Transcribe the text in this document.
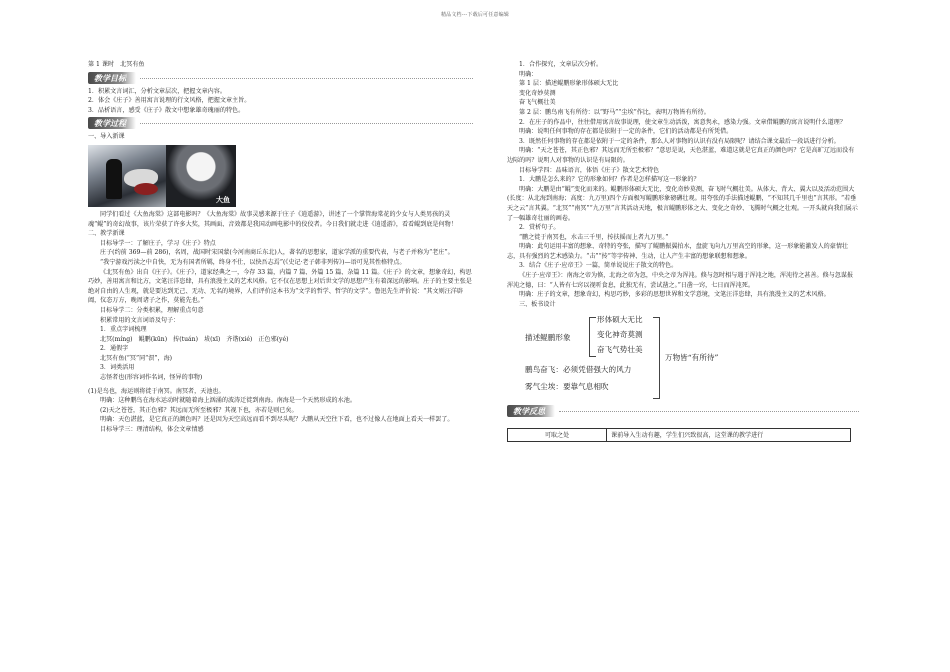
精品文档---下载后可任意编辑

第 1 课时　北冥有鱼

教学目标

1．积累文言词汇，分析文章层次，把握文章内容。

2．体会《庄子》善用寓言说理的行文风格，把握文章主旨。

3．品析语言，感受《庄子》散文中想象雄奇瑰丽的特色。

教学过程

一、导入新课

大鱼

同学们看过《大鱼海棠》这部电影吗？《大鱼海棠》故事灵感来源于庄子《逍遥游》，讲述了一个掌管海棠花的少女与人类男孩的灵魂“鲲”的奇幻故事，该片荣获了许多大奖，其画面、音效都是我国动画电影中的佼佼者。今日我们就走进《逍遥游》，看看鲲到底是何物！

二、教学新课

目标导学一：了解庄子，学习《庄子》特点

庄子(约前 369—前 286)，名周，战国时宋国蒙(今河南商丘东北)人，著名的思想家，道家学派的重要代表，与老子并称为“老庄”。

“我宁游戏污渎之中自快，无为有国者所羁，终身不仕，以快吾志焉”(《史记·老子韩非列传》)—语可见其性格特点。

《北冥有鱼》出自《庄子》。《庄子》，道家经典之一，今存 33 篇，内篇 7 篇、外篇 15 篇、杂篇 11 篇。《庄子》的文章，想象奇幻，构思巧妙，善用寓言和比方，文笔汪洋恣肆，具有浪漫主义的艺术风格。它不仅在思想上对后世文学的思想产生有着深远的影响。庄子的主要主张是绝对自由的人生观，就是要达到无己、无功、无名的境界，人们评价这本书为“文学的哲学、哲学的文学”。鲁迅先生评价说：“其文则汪洋辟阖，仪态万方，晚周诸子之作，莫能先也。”

目标导学二：分类积累，理解重点句意

积累常用的文言词语及句子：

1．重点字词梳理

北冥(míng)　鲲鹏(kūn)　抟(tuán)　坺(xī)　齐谐(xié)　正色邪(yé)

2．通假字

北冥有鱼(“冥”同“溟”，海)

3．词类活用

志怪者也(形容词作名词，怪异的事物)

(1)是鸟也，海运则将徙于南冥。南冥者，天池也。

明确：这种鹏鸟在海水运动时就随着海上汹涌的波涛迁徙到南海。南海是一个天然形成的水池。

(2)天之苍苍，其正色邪？其远而无所至极邪？其视下也，亦若是则已矣。

明确：天色湛蓝，是它真正的颜色吗？还是因为天空高远而看不到尽头呢？大鹏从天空往下看，也不过像人在地面上看天一样罢了。

目标导学三：理清结构，体会文章情感

1．合作探究，文章层次分析。

明确：

第 1 层：描述鲲鹏形象形体硕大无比

变化奇妙莫测

奋飞气概壮美

第 2 层：鹏鸟南飞有所待：以“野马”“尘埃”作比，表明万物皆有所待。

2．在庄子的作品中，往往借用寓言故事说理，使文章生动活泼，寓意隽永，感染力强。文章借鲲鹏的寓言说明什么道理？

明确：说明任何事物的存在都是依附于一定的条件，它们的活动都是有所凭借。

3．既然任何事物的存在都是依附于一定的条件，那么人对事物的认识有没有局限呢？请结合课文最后一段话进行分析。

明确：“天之苍苍，其正色邪？其远而无所至极邪？”意思是说，天色湛蓝，难道这就是它真正的颜色吗？它是高旷辽远而没有边际的吗？说明人对事物的认识是有局限的。

目标导学四：品味语言，体悟《庄子》散文艺术特色

1．大鹏是怎么来的？它的形象如何？作者是怎样描写这一形象的？

明确：大鹏是由“鲲”变化而来的。鲲鹏形体硕大无比，变化奇妙莫测，奋飞时气概壮美。从体大、背大、翼大以及活动范围大(长度：从北海到南海；高度：九万里)四个方面极写鲲鹏形象磅礴壮观。用夸张的手法描述鲲鹏，“不知其几千里也”言其形。“若垂天之云”言其翼。“北冥”“南冥”“九万里”言其活动天地，极言鲲鹏形体之大、变化之奇妙、飞腾时气概之壮观。一开头就向我们展示了一幅雄奇壮丽的画卷。

2．赏析句子。

“鹏之徙于南冥也，水击三千里，抟扶摇而上者九万里。”

明确：此句运用丰富的想象、奇特的夸张，描写了鲲鹏振翼拍水，盘旋飞向九万里高空的形象，这一形象能激发人的豪情壮志，具有强烈的艺术感染力。“击”“抟”等字传神、生动，让人产生丰富的想象联想和想象。

3．结合《庄子·应帝王》一篇，简单说说庄子散文的特色。

《庄子·应帝王》：南海之帝为倏，北海之帝为忽，中央之帝为浑沌。倏与忽时相与遇于浑沌之地，浑沌待之甚善。倏与忽谋报浑沌之德，曰：“人皆有七窍以视听食息，此独无有，尝试凿之。”日凿一窍，七日而浑沌死。

明确：庄子的文章，想象奇幻，构思巧妙，多彩的思想世界和文学意境，文笔汪洋恣肆，具有浪漫主义的艺术风格。

三、板书设计

描述鲲鹏形象
形体硕大无比
变化神奇莫测
奋飞气势壮美
鹏鸟奋飞：必须凭借强大的风力
雾气尘埃：要靠气息相吹
万物皆“有所待”
教学反思
可取之处	课前导入生动有趣，学生们兴致很高，这堂课的教学进行
